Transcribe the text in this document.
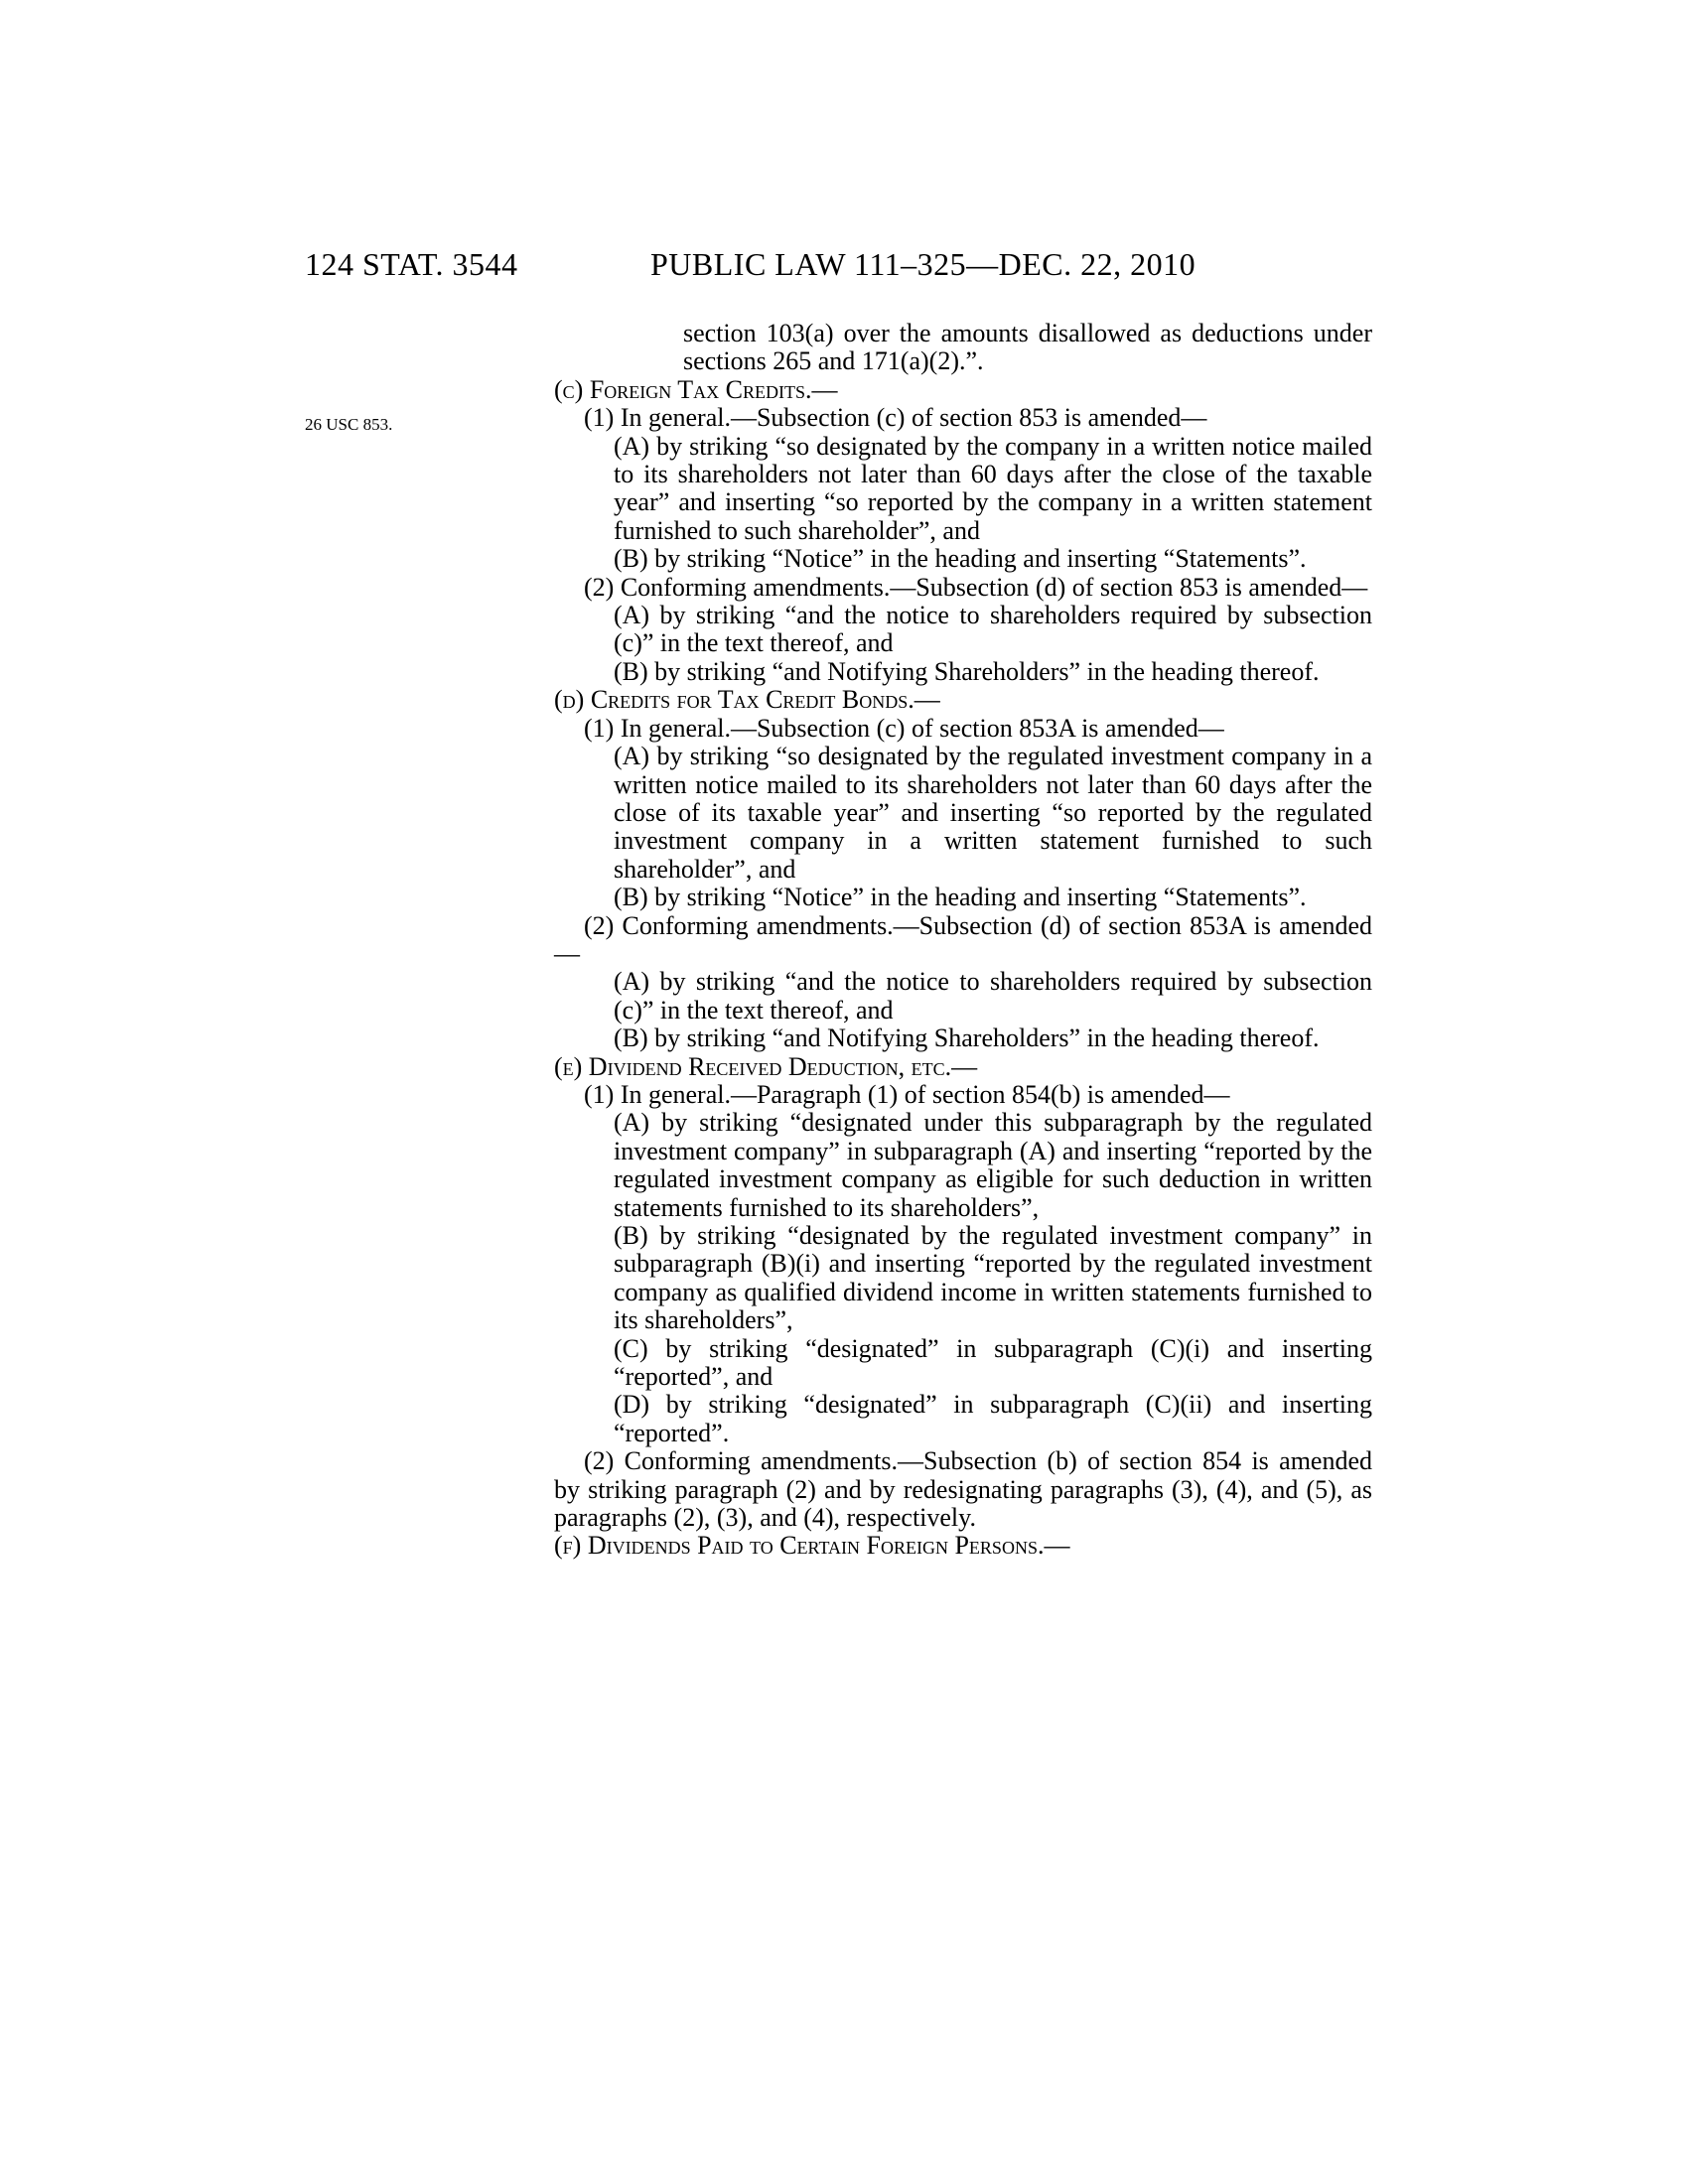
124 STAT. 3544	PUBLIC LAW 111–325—DEC. 22, 2010
26 USC 853.

section 103(a) over the amounts disallowed as deductions under sections 265 and 171(a)(2).”.

(c) Foreign Tax Credits.—

(1) In general.—Subsection (c) of section 853 is amended—

(A) by striking “so designated by the company in a written notice mailed to its shareholders not later than 60 days after the close of the taxable year” and inserting “so reported by the company in a written statement furnished to such shareholder”, and

(B) by striking “Notice” in the heading and inserting “Statements”.

(2) Conforming amendments.—Subsection (d) of section 853 is amended—

(A) by striking “and the notice to shareholders required by subsection (c)” in the text thereof, and

(B) by striking “and Notifying Shareholders” in the heading thereof.

(d) Credits for Tax Credit Bonds.—

(1) In general.—Subsection (c) of section 853A is amended—

(A) by striking “so designated by the regulated investment company in a written notice mailed to its shareholders not later than 60 days after the close of its taxable year” and inserting “so reported by the regulated investment company in a written statement furnished to such shareholder”, and

(B) by striking “Notice” in the heading and inserting “Statements”.

(2) Conforming amendments.—Subsection (d) of section 853A is amended—

(A) by striking “and the notice to shareholders required by subsection (c)” in the text thereof, and

(B) by striking “and Notifying Shareholders” in the heading thereof.

(e) Dividend Received Deduction, etc.—

(1) In general.—Paragraph (1) of section 854(b) is amended—

(A) by striking “designated under this subparagraph by the regulated investment company” in subparagraph (A) and inserting “reported by the regulated investment company as eligible for such deduction in written statements furnished to its shareholders”,

(B) by striking “designated by the regulated investment company” in subparagraph (B)(i) and inserting “reported by the regulated investment company as qualified dividend income in written statements furnished to its shareholders”,

(C) by striking “designated” in subparagraph (C)(i) and inserting “reported”, and

(D) by striking “designated” in subparagraph (C)(ii) and inserting “reported”.

(2) Conforming amendments.—Subsection (b) of section 854 is amended by striking paragraph (2) and by redesignating paragraphs (3), (4), and (5), as paragraphs (2), (3), and (4), respectively.

(f) Dividends Paid to Certain Foreign Persons.—
